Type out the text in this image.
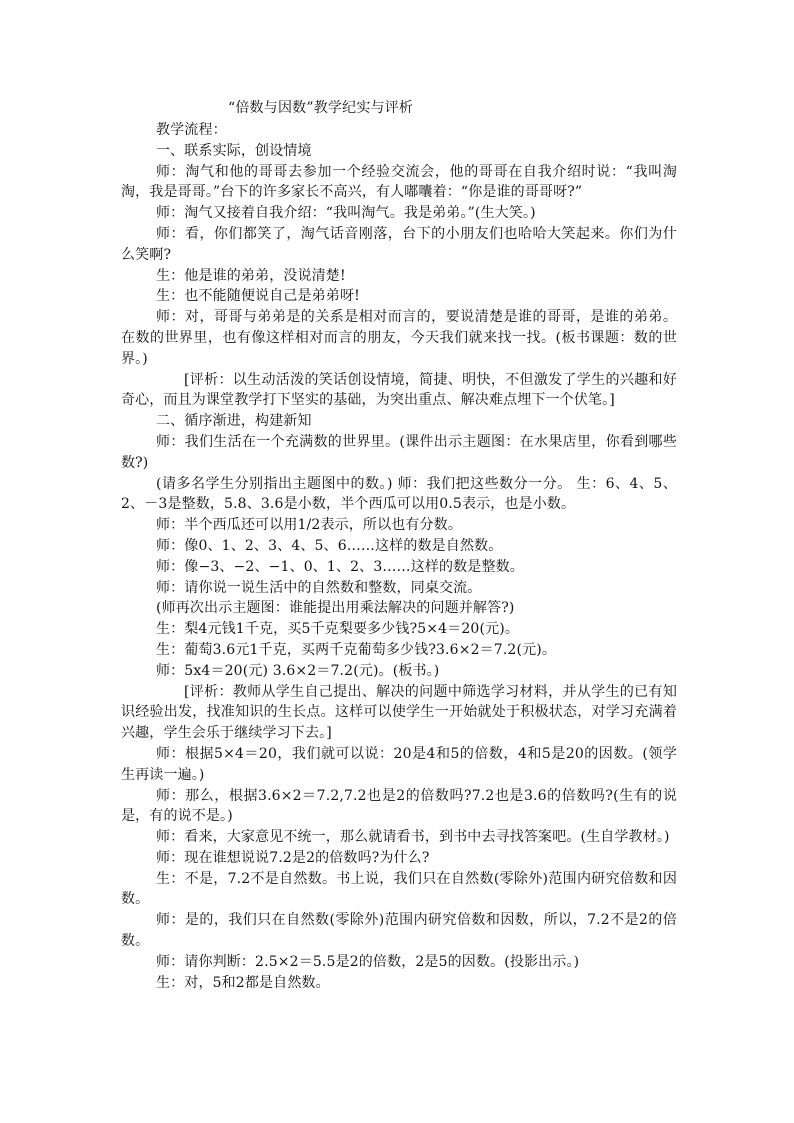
“倍数与因数”教学纪实与评析

教学流程：

一、联系实际，创设情境

师：淘气和他的哥哥去参加一个经验交流会，他的哥哥在自我介绍时说：“我叫淘淘，我是哥哥。”台下的许多家长不高兴，有人嘟囔着：“你是谁的哥哥呀?”

师：淘气又接着自我介绍：“我叫淘气。我是弟弟。”(生大笑。)

师：看，你们都笑了，淘气话音刚落，台下的小朋友们也哈哈大笑起来。你们为什么笑啊?

生：他是谁的弟弟，没说清楚!

生：也不能随便说自己是弟弟呀!

师：对，哥哥与弟弟是的关系是相对而言的，要说清楚是谁的哥哥，是谁的弟弟。在数的世界里，也有像这样相对而言的朋友，今天我们就来找一找。(板书课题：数的世界。)

[评析：以生动活泼的笑话创设情境，简捷、明快，不但激发了学生的兴趣和好奇心，而且为课堂教学打下坚实的基础，为突出重点、解决难点埋下一个伏笔。]

二、循序渐进，构建新知

师：我们生活在一个充满数的世界里。(课件出示主题图：在水果店里，你看到哪些数?)

(请多名学生分别指出主题图中的数。) 师：我们把这些数分一分。 生：6、4、5、2、－3是整数，5.8、3.6是小数，半个西瓜可以用0.5表示，也是小数。

师：半个西瓜还可以用1/2表示，所以也有分数。

师：像0、1、2、3、4、5、6……这样的数是自然数。

师：像−3、−2、−1、0、1、2、3……这样的数是整数。

师：请你说一说生活中的自然数和整数，同桌交流。

(师再次出示主题图：谁能提出用乘法解决的问题并解答?)

生：梨4元钱1千克，买5千克梨要多少钱?5×4＝20(元)。

生：葡萄3.6元1千克，买两千克葡萄多少钱?3.6×2＝7.2(元)。

师：5x4＝20(元) 3.6×2＝7.2(元)。(板书。)

[评析：教师从学生自己提出、解决的问题中筛选学习材料，并从学生的已有知识经验出发，找准知识的生长点。这样可以使学生一开始就处于积极状态，对学习充满着兴趣，学生会乐于继续学习下去。]

师：根据5×4＝20，我们就可以说：20是4和5的倍数，4和5是20的因数。(领学生再读一遍。)

师：那么，根据3.6×2＝7.2,7.2也是2的倍数吗?7.2也是3.6的倍数吗?(生有的说是，有的说不是。)

师：看来，大家意见不统一，那么就请看书，到书中去寻找答案吧。(生自学教材。)

师：现在谁想说说7.2是2的倍数吗?为什么?

生：不是，7.2不是自然数。书上说，我们只在自然数(零除外)范围内研究倍数和因数。

师：是的，我们只在自然数(零除外)范围内研究倍数和因数，所以，7.2不是2的倍数。

师：请你判断：2.5×2＝5.5是2的倍数，2是5的因数。(投影出示。)

生：对，5和2都是自然数。
